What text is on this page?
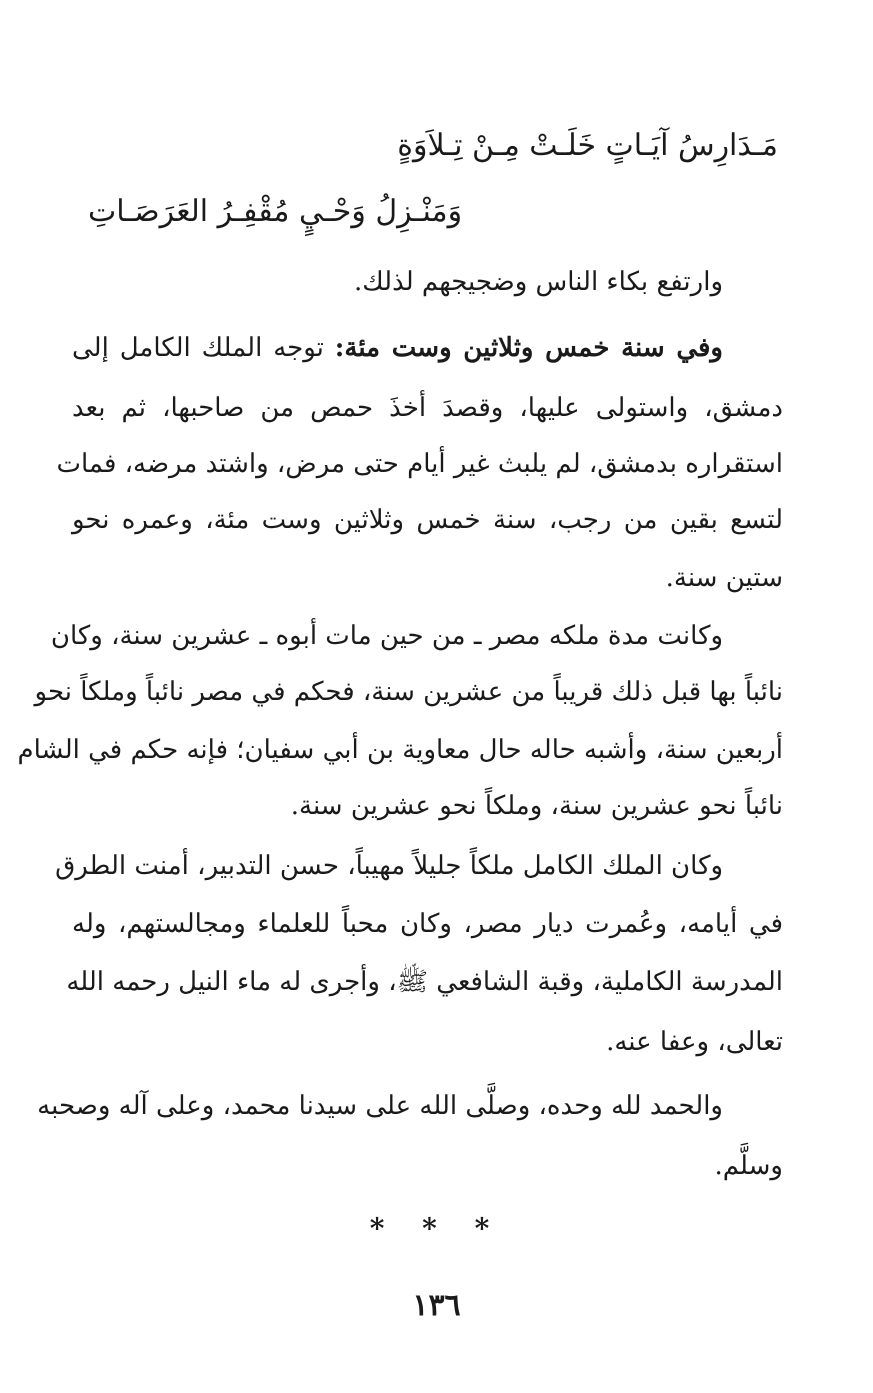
مَـدَارِسُ آيَـاتٍ خَلَـتْ مِـنْ تِـلاَوَةٍ
وَمَنْـزِلُ وَحْـيٍ مُقْفِـرُ العَرَصَـاتِ
وارتفع بكاء الناس وضجيجهم لذلك.
وفي سنة خمس وثلاثين وست مئة: توجه الملك الكامل إلى
دمشق، واستولى عليها، وقصدَ أخذَ حمص من صاحبها، ثم بعد
استقراره بدمشق، لم يلبث غير أيام حتى مرض، واشتد مرضه، فمات
لتسع بقين من رجب، سنة خمس وثلاثين وست مئة، وعمره نحو
ستين سنة.
وكانت مدة ملكه مصر ـ من حين مات أبوه ـ عشرين سنة، وكان
نائباً بها قبل ذلك قريباً من عشرين سنة، فحكم في مصر نائباً وملكاً نحو
أربعين سنة، وأشبه حاله حال معاوية بن أبي سفيان؛ فإنه حكم في الشام
نائباً نحو عشرين سنة، وملكاً نحو عشرين سنة.
وكان الملك الكامل ملكاً جليلاً مهيباً، حسن التدبير، أمنت الطرق
في أيامه، وعُمرت ديار مصر، وكان محباً للعلماء ومجالستهم، وله
المدرسة الكاملية، وقبة الشافعي ﷺ، وأجرى له ماء النيل رحمه الله
تعالى، وعفا عنه.
والحمد لله وحده، وصلَّى الله على سيدنا محمد، وعلى آله وصحبه
وسلَّم.
* * *
١٣٦
